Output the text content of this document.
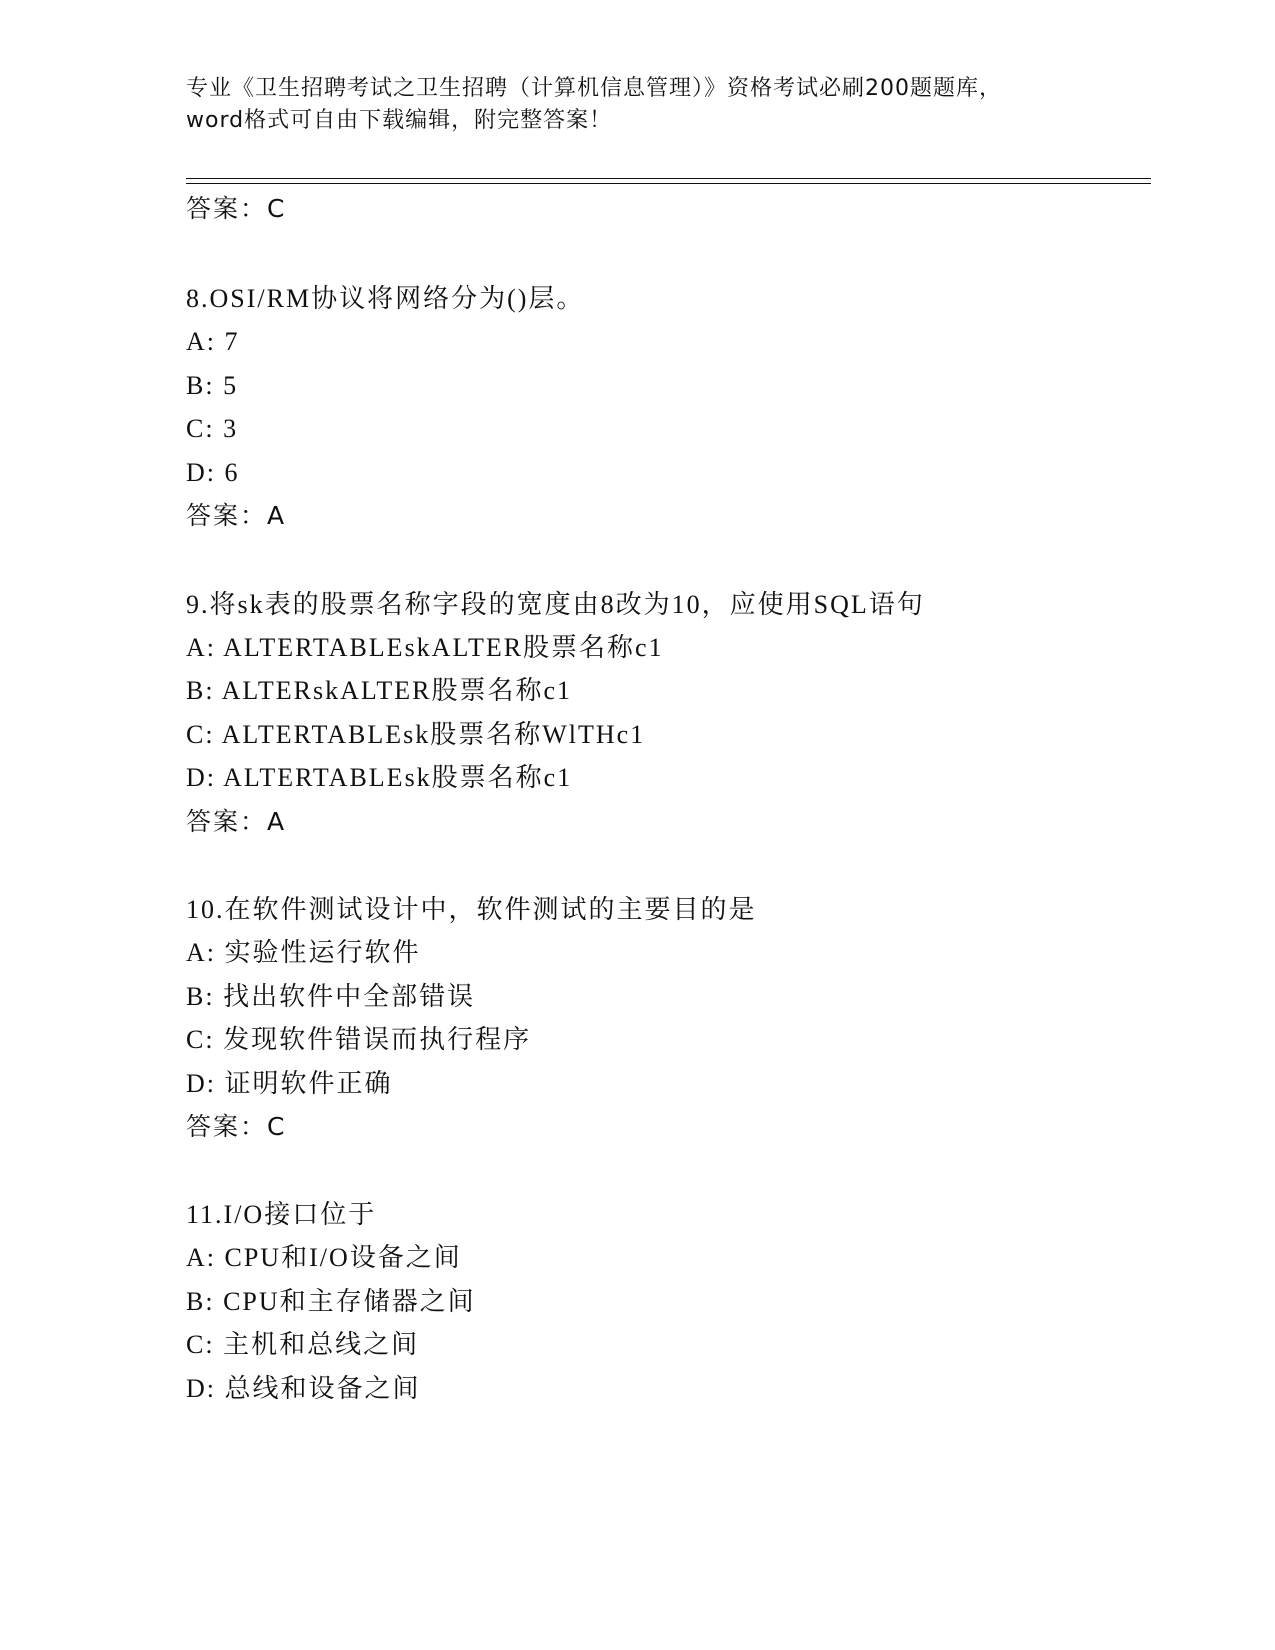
专业《卫生招聘考试之卫生招聘（计算机信息管理）》资格考试必刷200题题库，
word格式可自由下载编辑，附完整答案！
答案：C
8.OSI/RM协议将网络分为()层。
A: 7
B: 5
C: 3
D: 6
答案：A
9.将sk表的股票名称字段的宽度由8改为10，应使用SQL语句
A: ALTERTABLEskALTER股票名称c1
B: ALTERskALTER股票名称c1
C: ALTERTABLEsk股票名称WlTHc1
D: ALTERTABLEsk股票名称c1
答案：A
10.在软件测试设计中，软件测试的主要目的是
A: 实验性运行软件
B: 找出软件中全部错误
C: 发现软件错误而执行程序
D: 证明软件正确
答案：C
11.I/O接口位于
A: CPU和I/O设备之间
B: CPU和主存储器之间
C: 主机和总线之间
D: 总线和设备之间
